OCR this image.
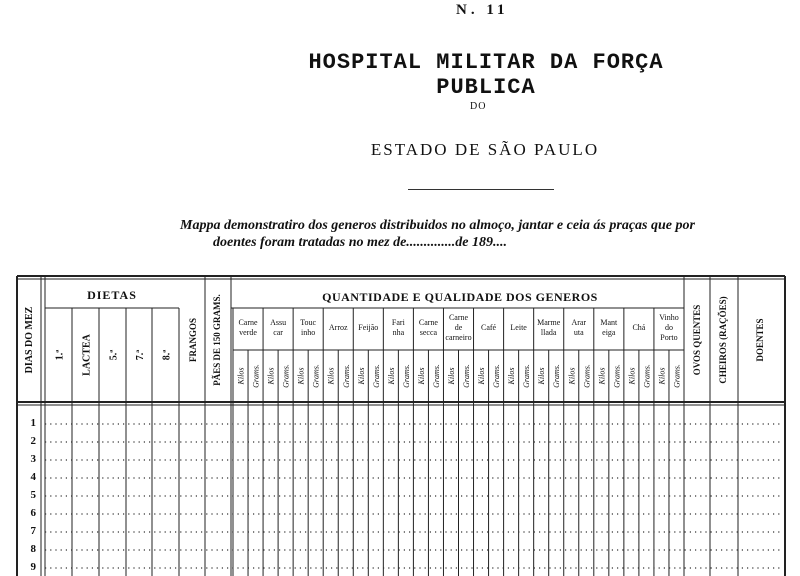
N. 11
HOSPITAL MILITAR DA FORÇA PUBLICA
DO
ESTADO DE SÃO PAULO
Mappa demonstratiro dos generos distribuidos no almoço, jantar e ceia ás praças que por
doentes foram tratadas no mez de..............de 189....
DIAS DO MEZ
DIETAS
1.ª LACTEA 5.ª 7.ª 8.ª FRANGOS PÃES DE 150 GRAMS.	QUANTIDADE E QUALIDADE DOS GENEROS
Carne
verde
Kilos Grams.
Assu
car
Kilos Grams.
Touc
inho
Kilos Grams.
Arroz
Kilos Grams.
Feijão
Kilos Grams.
Fari
nha
Kilos Grams.
Carne
secca
Kilos Grams.
Carne
de
carneiro
Kilos Grams.
Café
Kilos Grams.
Leite
Kilos Grams.
Marme
llada
Kilos Grams.
Arar
uta
Kilos Grams.
Mant
eiga
Kilos Grams.
Chá
Kilos Grams.
Vinho
do
Porto
Kilos Grams.
OVOS QUENTES CHEIROS (RAÇÕES)	DOENTES
1
2
3
4
5
6
7
8
9
